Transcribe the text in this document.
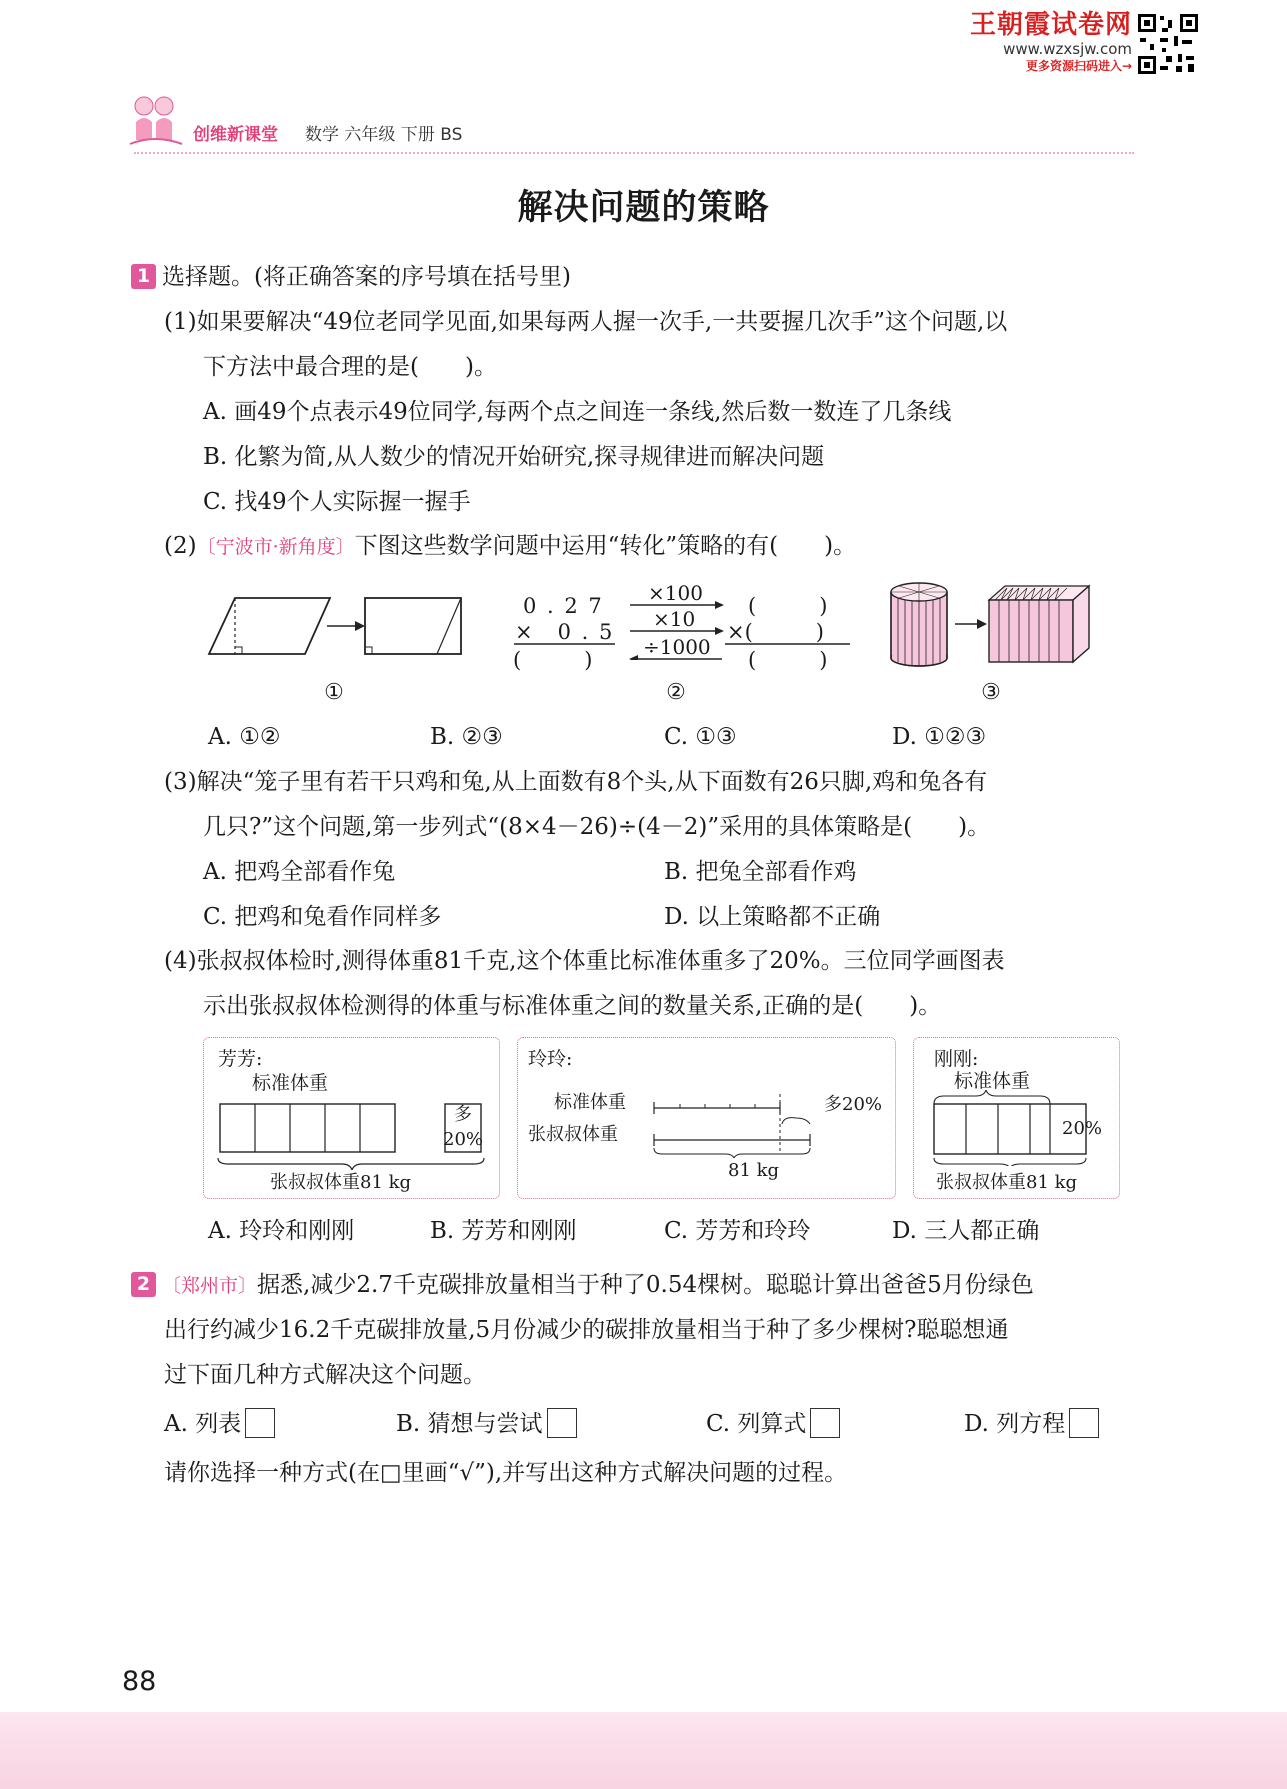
王朝霞试卷网
www.wzxsjw.com
更多资源扫码进入→
创维新课堂 数学 六年级 下册 BS
解决问题的策略
1 选择题。(将正确答案的序号填在括号里)
(1)如果要解决“49位老同学见面,如果每两人握一次手,一共要握几次手”这个问题,以
下方法中最合理的是(　　)。
A. 画49个点表示49位同学,每两个点之间连一条线,然后数一数连了几条线
B. 化繁为简,从人数少的情况开始研究,探寻规律进而解决问题
C. 找49个人实际握一握手
(2)〔宁波市·新角度〕下图这些数学问题中运用“转化”策略的有(　　)。
0 . 2 7
×　0 . 5
(　　　)
×100
×10
÷1000
(　　　)
×(　　　)
(　　　)
①	②	③
A. ①②	B. ②③	C. ①③	D. ①②③
(3)解决“笼子里有若干只鸡和兔,从上面数有8个头,从下面数有26只脚,鸡和兔各有
几只?”这个问题,第一步列式“(8×4－26)÷(4－2)”采用的具体策略是(　　)。
A. 把鸡全部看作兔	B. 把兔全部看作鸡
C. 把鸡和兔看作同样多	D. 以上策略都不正确
(4)张叔叔体检时,测得体重81千克,这个体重比标准体重多了20%。三位同学画图表
示出张叔叔体检测得的体重与标准体重之间的数量关系,正确的是(　　)。
芳芳:
标准体重
多
20%
张叔叔体重81 kg
玲玲:
标准体重
张叔叔体重
多20%
81 kg
刚刚:
标准体重
20%
张叔叔体重81 kg
A. 玲玲和刚刚	B. 芳芳和刚刚	C. 芳芳和玲玲	D. 三人都正确
2 〔郑州市〕据悉,减少2.7千克碳排放量相当于种了0.54棵树。聪聪计算出爸爸5月份绿色
出行约减少16.2千克碳排放量,5月份减少的碳排放量相当于种了多少棵树?聪聪想通
过下面几种方式解决这个问题。
A. 列表	B. 猜想与尝试	C. 列算式	D. 列方程
请你选择一种方式(在□里画“√”),并写出这种方式解决问题的过程。
88
